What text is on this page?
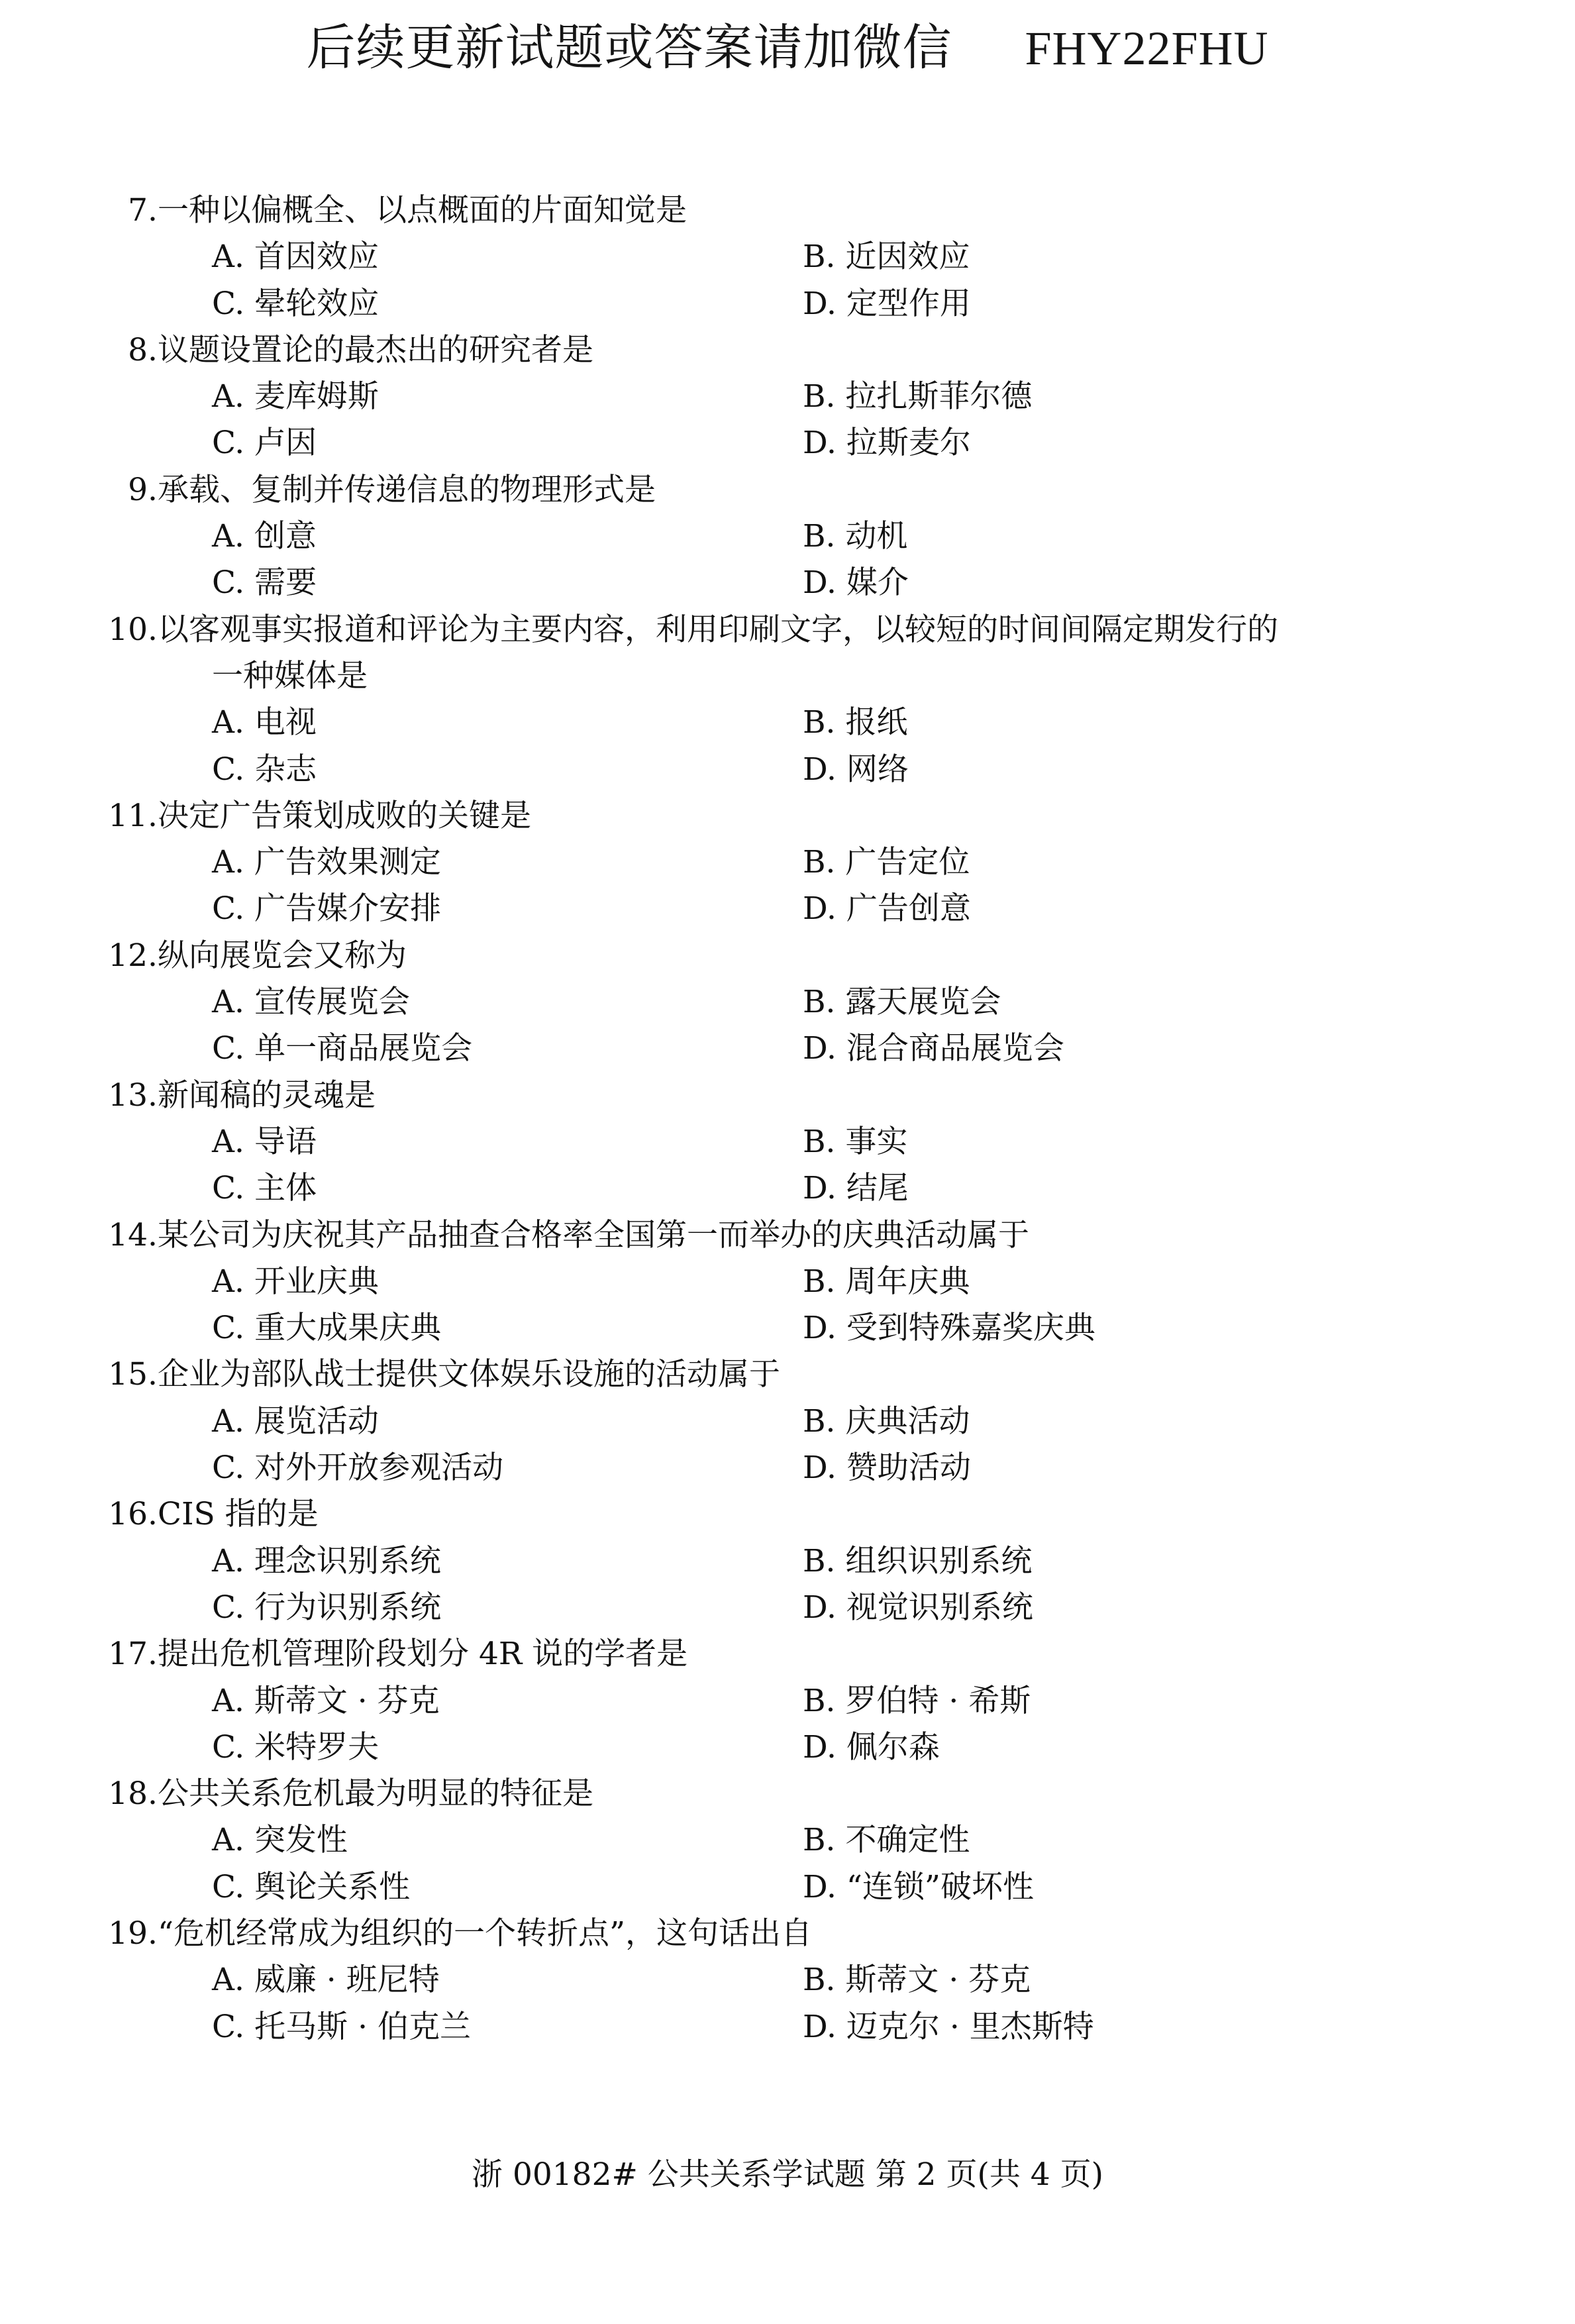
后续更新试题或答案请加微信 FHY22FHU
7. 一种以偏概全、以点概面的片面知觉是
A. 首因效应	B. 近因效应
C. 晕轮效应	D. 定型作用
8. 议题设置论的最杰出的研究者是
A. 麦库姆斯	B. 拉扎斯菲尔德
C. 卢因	D. 拉斯麦尔
9. 承载、复制并传递信息的物理形式是
A. 创意	B. 动机
C. 需要	D. 媒介
10. 以客观事实报道和评论为主要内容，利用印刷文字，以较短的时间间隔定期发行的
一种媒体是
A. 电视	B. 报纸
C. 杂志	D. 网络
11. 决定广告策划成败的关键是
A. 广告效果测定	B. 广告定位
C. 广告媒介安排	D. 广告创意
12. 纵向展览会又称为
A. 宣传展览会	B. 露天展览会
C. 单一商品展览会	D. 混合商品展览会
13. 新闻稿的灵魂是
A. 导语	B. 事实
C. 主体	D. 结尾
14. 某公司为庆祝其产品抽查合格率全国第一而举办的庆典活动属于
A. 开业庆典	B. 周年庆典
C. 重大成果庆典	D. 受到特殊嘉奖庆典
15. 企业为部队战士提供文体娱乐设施的活动属于
A. 展览活动	B. 庆典活动
C. 对外开放参观活动	D. 赞助活动
16. CIS 指的是
A. 理念识别系统	B. 组织识别系统
C. 行为识别系统	D. 视觉识别系统
17. 提出危机管理阶段划分 4R 说的学者是
A. 斯蒂文 · 芬克	B. 罗伯特 · 希斯
C. 米特罗夫	D. 佩尔森
18. 公共关系危机最为明显的特征是
A. 突发性	B. 不确定性
C. 舆论关系性	D. “连锁”破坏性
19. “危机经常成为组织的一个转折点”，这句话出自
A. 威廉 · 班尼特	B. 斯蒂文 · 芬克
C. 托马斯 · 伯克兰	D. 迈克尔 · 里杰斯特
浙 00182# 公共关系学试题 第 2 页(共 4 页)
